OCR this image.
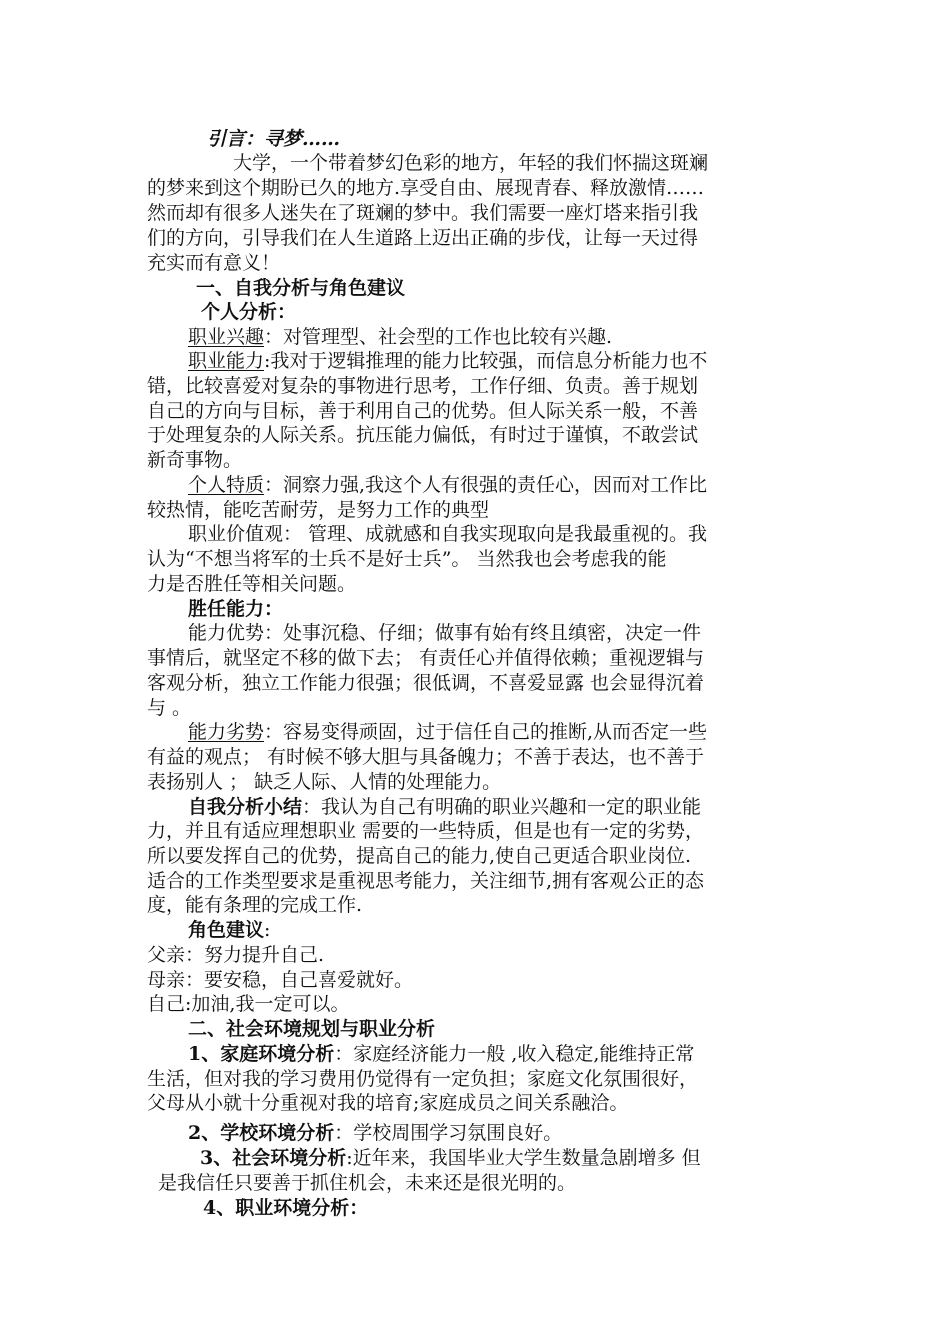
引言：寻梦……
大学，一个带着梦幻色彩的地方，年轻的我们怀揣这斑斓
的梦来到这个期盼已久的地方.享受自由、展现青春、释放激情……
然而却有很多人迷失在了斑斓的梦中。我们需要一座灯塔来指引我
们的方向，引导我们在人生道路上迈出正确的步伐，让每一天过得
充实而有意义！
一、自我分析与角色建议
个人分析：
职业兴趣：对管理型、社会型的工作也比较有兴趣.
职业能力:我对于逻辑推理的能力比较强，而信息分析能力也不
错，比较喜爱对复杂的事物进行思考，工作仔细、负责。善于规划
自己的方向与目标，善于利用自己的优势。但人际关系一般，不善
于处理复杂的人际关系。抗压能力偏低，有时过于谨慎，不敢尝试
新奇事物。
个人特质：洞察力强,我这个人有很强的责任心，因而对工作比
较热情，能吃苦耐劳，是努力工作的典型
职业价值观： 管理、成就感和自我实现取向是我最重视的。我
认为“不想当将军的士兵不是好士兵”。 当然我也会考虑我的能
力是否胜任等相关问题。
胜任能力：
能力优势：处事沉稳、仔细；做事有始有终且缜密，决定一件
事情后，就坚定不移的做下去； 有责任心并值得依赖；重视逻辑与
客观分析，独立工作能力很强；很低调，不喜爱显露 也会显得沉着
与 。
能力劣势：容易变得顽固，过于信任自己的推断,从而否定一些
有益的观点； 有时候不够大胆与具备魄力；不善于表达，也不善于
表扬别人 ； 缺乏人际、人情的处理能力。
自我分析小结：我认为自己有明确的职业兴趣和一定的职业能
力，并且有适应理想职业 需要的一些特质，但是也有一定的劣势，
所以要发挥自己的优势，提高自己的能力,使自己更适合职业岗位.
适合的工作类型要求是重视思考能力，关注细节,拥有客观公正的态
度，能有条理的完成工作.
角色建议:
父亲：努力提升自己.
母亲：要安稳，自己喜爱就好。
自己:加油,我一定可以。
二、社会环境规划与职业分析
1、家庭环境分析：家庭经济能力一般 ,收入稳定,能维持正常
生活，但对我的学习费用仍觉得有一定负担；家庭文化氛围很好，
父母从小就十分重视对我的培育;家庭成员之间关系融洽。
2、学校环境分析：学校周围学习氛围良好。
3、社会环境分析:近年来，我国毕业大学生数量急剧增多 但
是我信任只要善于抓住机会，未来还是很光明的。
4、职业环境分析：
